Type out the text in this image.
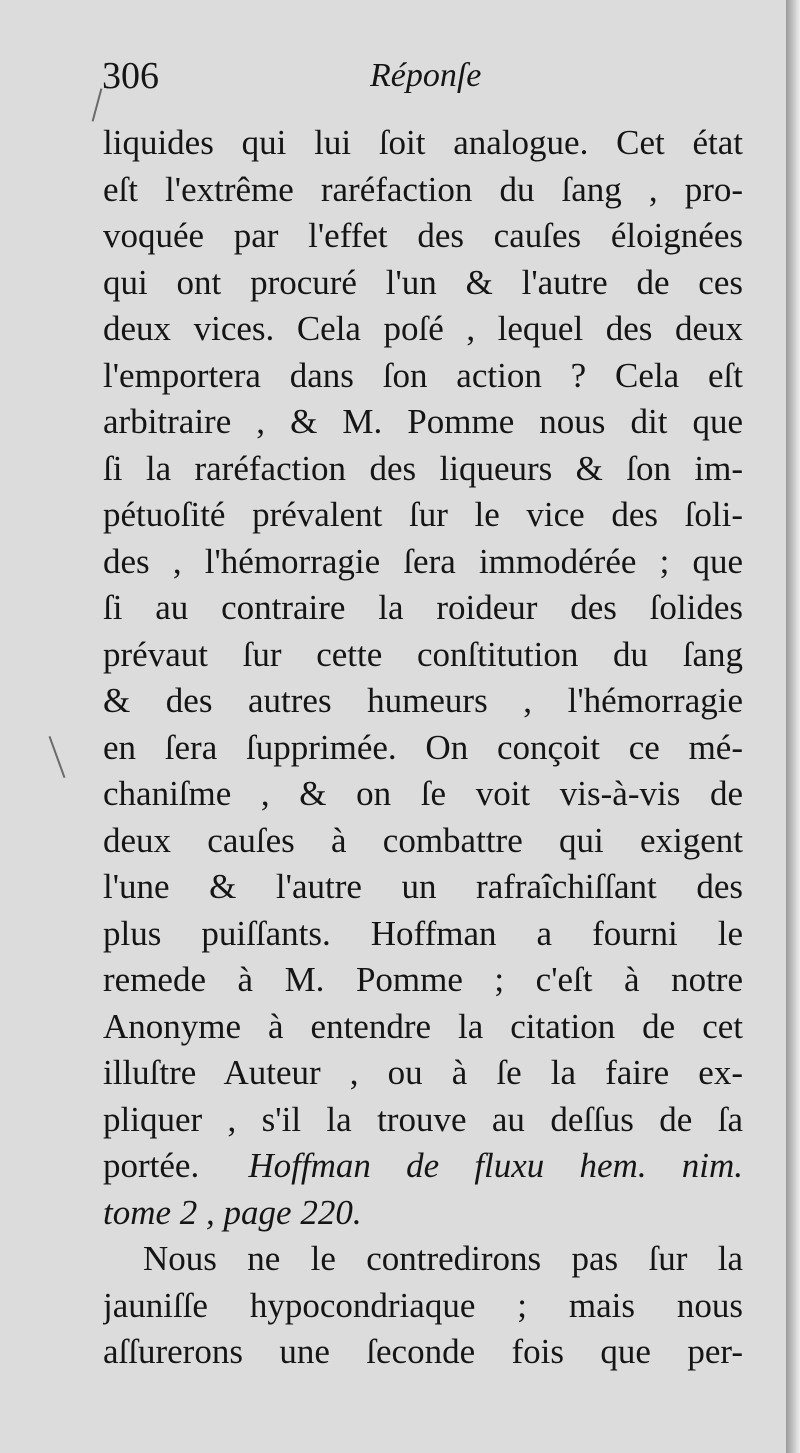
306	Réponſe
liquides qui lui ſoit analogue. Cet état
eſt l'extrême raréfaction du ſang , pro-
voquée par l'effet des cauſes éloignées
qui ont procuré l'un & l'autre de ces
deux vices. Cela poſé , lequel des deux
l'emportera dans ſon action ? Cela eſt
arbitraire , & M. Pomme nous dit que
ſi la raréfaction des liqueurs & ſon im-
pétuoſité prévalent ſur le vice des ſoli-
des , l'hémorragie ſera immodérée ; que
ſi au contraire la roideur des ſolides
prévaut ſur cette conſtitution du ſang
& des autres humeurs , l'hémorragie
en ſera ſupprimée. On conçoit ce mé-
chaniſme , & on ſe voit vis-à-vis de
deux cauſes à combattre qui exigent
l'une & l'autre un rafraîchiſſant des
plus puiſſants. Hoffman a fourni le
remede à M. Pomme ; c'eſt à notre
Anonyme à entendre la citation de cet
illuſtre Auteur , ou à ſe la faire ex-
pliquer , s'il la trouve au deſſus de ſa
portée. Hoffman de fluxu hem. nim.
tome 2 , page 220.
Nous ne le contredirons pas ſur la
jauniſſe hypocondriaque ; mais nous
aſſurerons une ſeconde fois que per-
